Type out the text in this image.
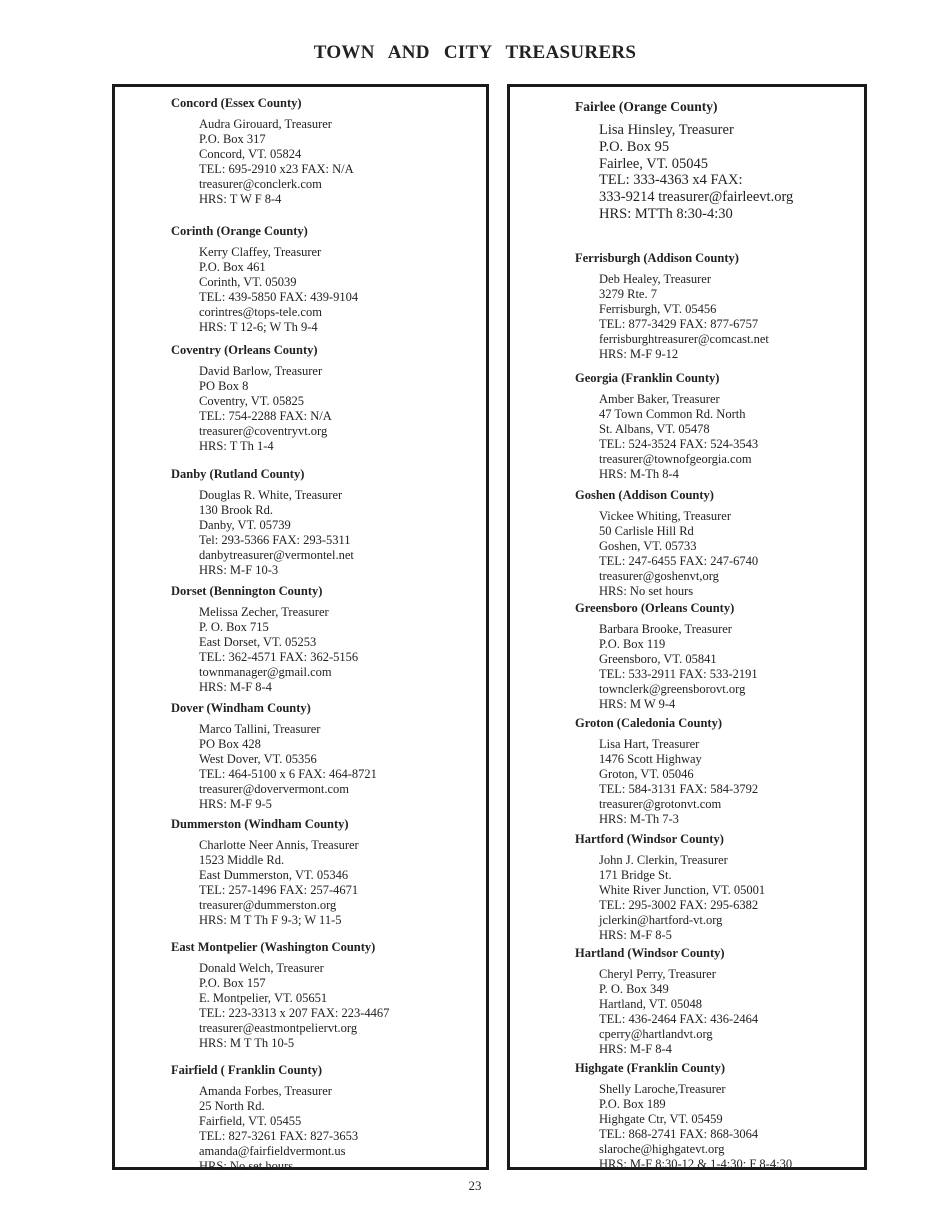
TOWN AND CITY TREASURERS
Concord (Essex County)
Audra Girouard, Treasurer
P.O. Box 317
Concord, VT. 05824
TEL: 695-2910 x23 FAX: N/A
treasurer@conclerk.com
HRS: T W F 8-4
Corinth (Orange County)
Kerry Claffey, Treasurer
P.O. Box 461
Corinth, VT. 05039
TEL: 439-5850 FAX: 439-9104
corintres@tops-tele.com
HRS: T 12-6; W Th 9-4
Coventry (Orleans County)
David Barlow, Treasurer
PO Box 8
Coventry, VT. 05825
TEL: 754-2288 FAX: N/A
treasurer@coventryvt.org
HRS: T Th 1-4
Danby (Rutland County)
Douglas R. White, Treasurer
130 Brook Rd.
Danby, VT. 05739
Tel: 293-5366 FAX: 293-5311
danbytreasurer@vermontel.net
HRS: M-F 10-3
Dorset (Bennington County)
Melissa Zecher, Treasurer
P. O. Box 715
East Dorset, VT. 05253
TEL: 362-4571 FAX: 362-5156
townmanager@gmail.com
HRS: M-F 8-4
Dover (Windham County)
Marco Tallini, Treasurer
PO Box 428
West Dover, VT. 05356
TEL: 464-5100 x 6 FAX: 464-8721
treasurer@doververmont.com
HRS: M-F 9-5
Dummerston (Windham County)
Charlotte Neer Annis, Treasurer
1523 Middle Rd.
East Dummerston, VT. 05346
TEL: 257-1496 FAX: 257-4671
treasurer@dummerston.org
HRS: M T Th F 9-3; W 11-5
East Montpelier (Washington County)
Donald Welch, Treasurer
P.O. Box 157
E. Montpelier, VT. 05651
TEL: 223-3313 x 207 FAX: 223-4467
treasurer@eastmontpeliervt.org
HRS: M T Th 10-5
Fairfield ( Franklin County)
Amanda Forbes, Treasurer
25 North Rd.
Fairfield, VT. 05455
TEL: 827-3261 FAX: 827-3653
amanda@fairfieldvermont.us
HRS: No set hours
Fairlee (Orange County)
Lisa Hinsley, Treasurer
P.O. Box 95
Fairlee, VT. 05045
TEL: 333-4363 x4 FAX:
333-9214 treasurer@fairleevt.org
HRS: MTTh 8:30-4:30
Ferrisburgh (Addison County)
Deb Healey, Treasurer
3279 Rte. 7
Ferrisburgh, VT. 05456
TEL: 877-3429 FAX: 877-6757
ferrisburghtreasurer@comcast.net
HRS: M-F 9-12
Georgia (Franklin County)
Amber Baker, Treasurer
47 Town Common Rd. North
St. Albans, VT. 05478
TEL: 524-3524 FAX: 524-3543
treasurer@townofgeorgia.com
HRS: M-Th 8-4
Goshen (Addison County)
Vickee Whiting, Treasurer
50 Carlisle Hill Rd
Goshen, VT. 05733
TEL: 247-6455 FAX: 247-6740
treasurer@goshenvt,org
HRS: No set hours
Greensboro (Orleans County)
Barbara Brooke, Treasurer
P.O. Box 119
Greensboro, VT. 05841
TEL: 533-2911 FAX: 533-2191
townclerk@greensborovt.org
HRS: M W 9-4
Groton (Caledonia County)
Lisa Hart, Treasurer
1476 Scott Highway
Groton, VT. 05046
TEL: 584-3131 FAX: 584-3792
treasurer@grotonvt.com
HRS: M-Th 7-3
Hartford (Windsor County)
John J. Clerkin, Treasurer
171 Bridge St.
White River Junction, VT. 05001
TEL: 295-3002 FAX: 295-6382
jclerkin@hartford-vt.org
HRS: M-F 8-5
Hartland (Windsor County)
Cheryl Perry, Treasurer
P. O. Box 349
Hartland, VT. 05048
TEL: 436-2464 FAX: 436-2464
cperry@hartlandvt.org
HRS: M-F 8-4
Highgate (Franklin County)
Shelly Laroche,Treasurer
P.O. Box 189
Highgate Ctr, VT. 05459
TEL: 868-2741 FAX: 868-3064
slaroche@highgatevt.org
HRS: M-F 8:30-12 & 1-4:30; F 8-4:30
23
